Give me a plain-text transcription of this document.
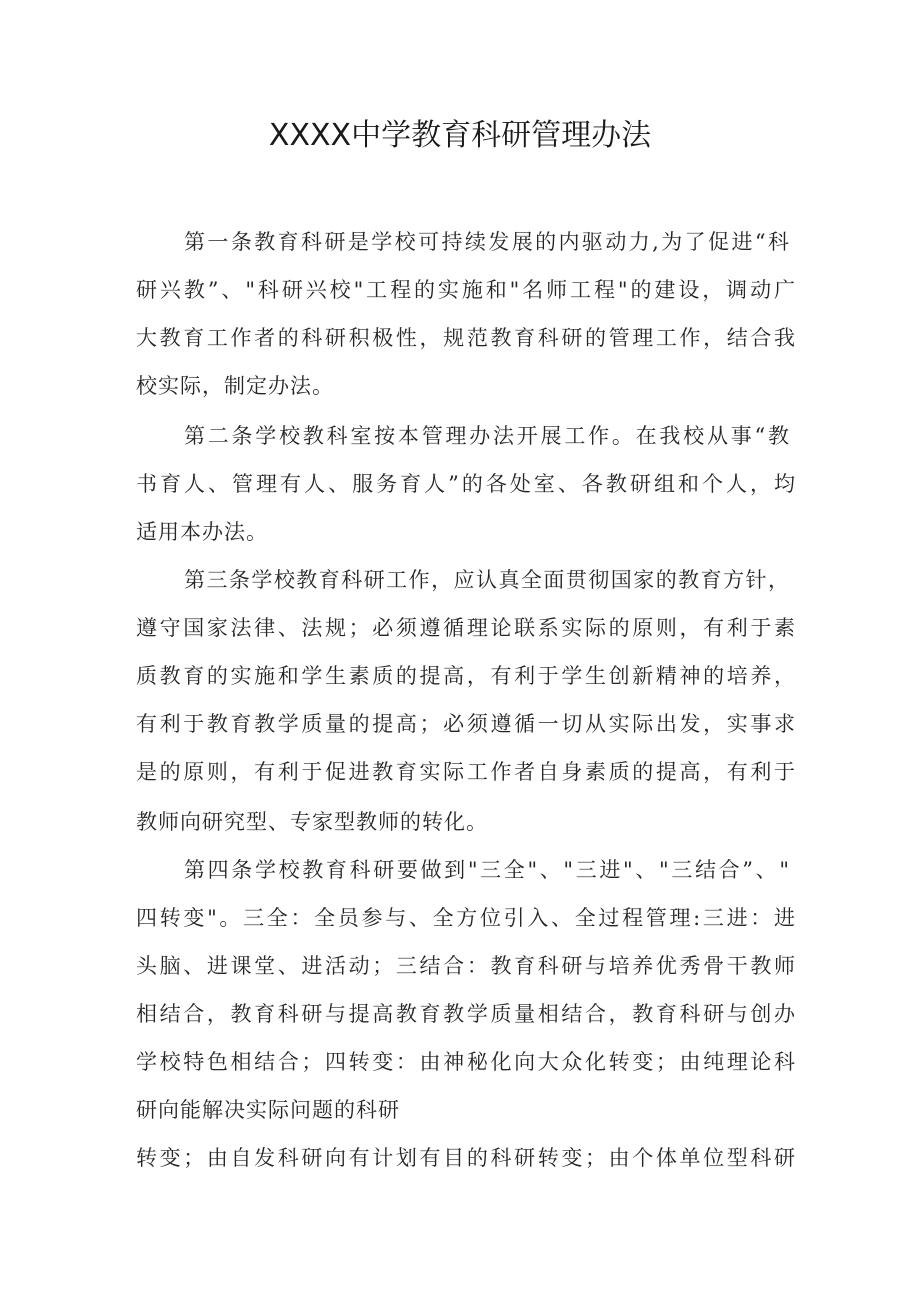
XXXX中学教育科研管理办法
第一条教育科研是学校可持续发展的内驱动力,为了促进“科
研兴教”、"科研兴校"工程的实施和"名师工程"的建设，调动广
大教育工作者的科研积极性，规范教育科研的管理工作，结合我
校实际，制定办法。
第二条学校教科室按本管理办法开展工作。在我校从事“教
书育人、管理有人、服务育人”的各处室、各教研组和个人，均
适用本办法。
第三条学校教育科研工作，应认真全面贯彻国家的教育方针，
遵守国家法律、法规；必须遵循理论联系实际的原则，有利于素
质教育的实施和学生素质的提高，有利于学生创新精神的培养，
有利于教育教学质量的提高；必须遵循一切从实际出发，实事求
是的原则，有利于促进教育实际工作者自身素质的提高，有利于
教师向研究型、专家型教师的转化。
第四条学校教育科研要做到"三全"、"三进"、"三结合”、"
四转变"。三全：全员参与、全方位引入、全过程管理:三进：进
头脑、进课堂、进活动；三结合：教育科研与培养优秀骨干教师
相结合，教育科研与提高教育教学质量相结合，教育科研与创办
学校特色相结合；四转变：由神秘化向大众化转变；由纯理论科
研向能解决实际问题的科研
转变；由自发科研向有计划有目的科研转变；由个体单位型科研
